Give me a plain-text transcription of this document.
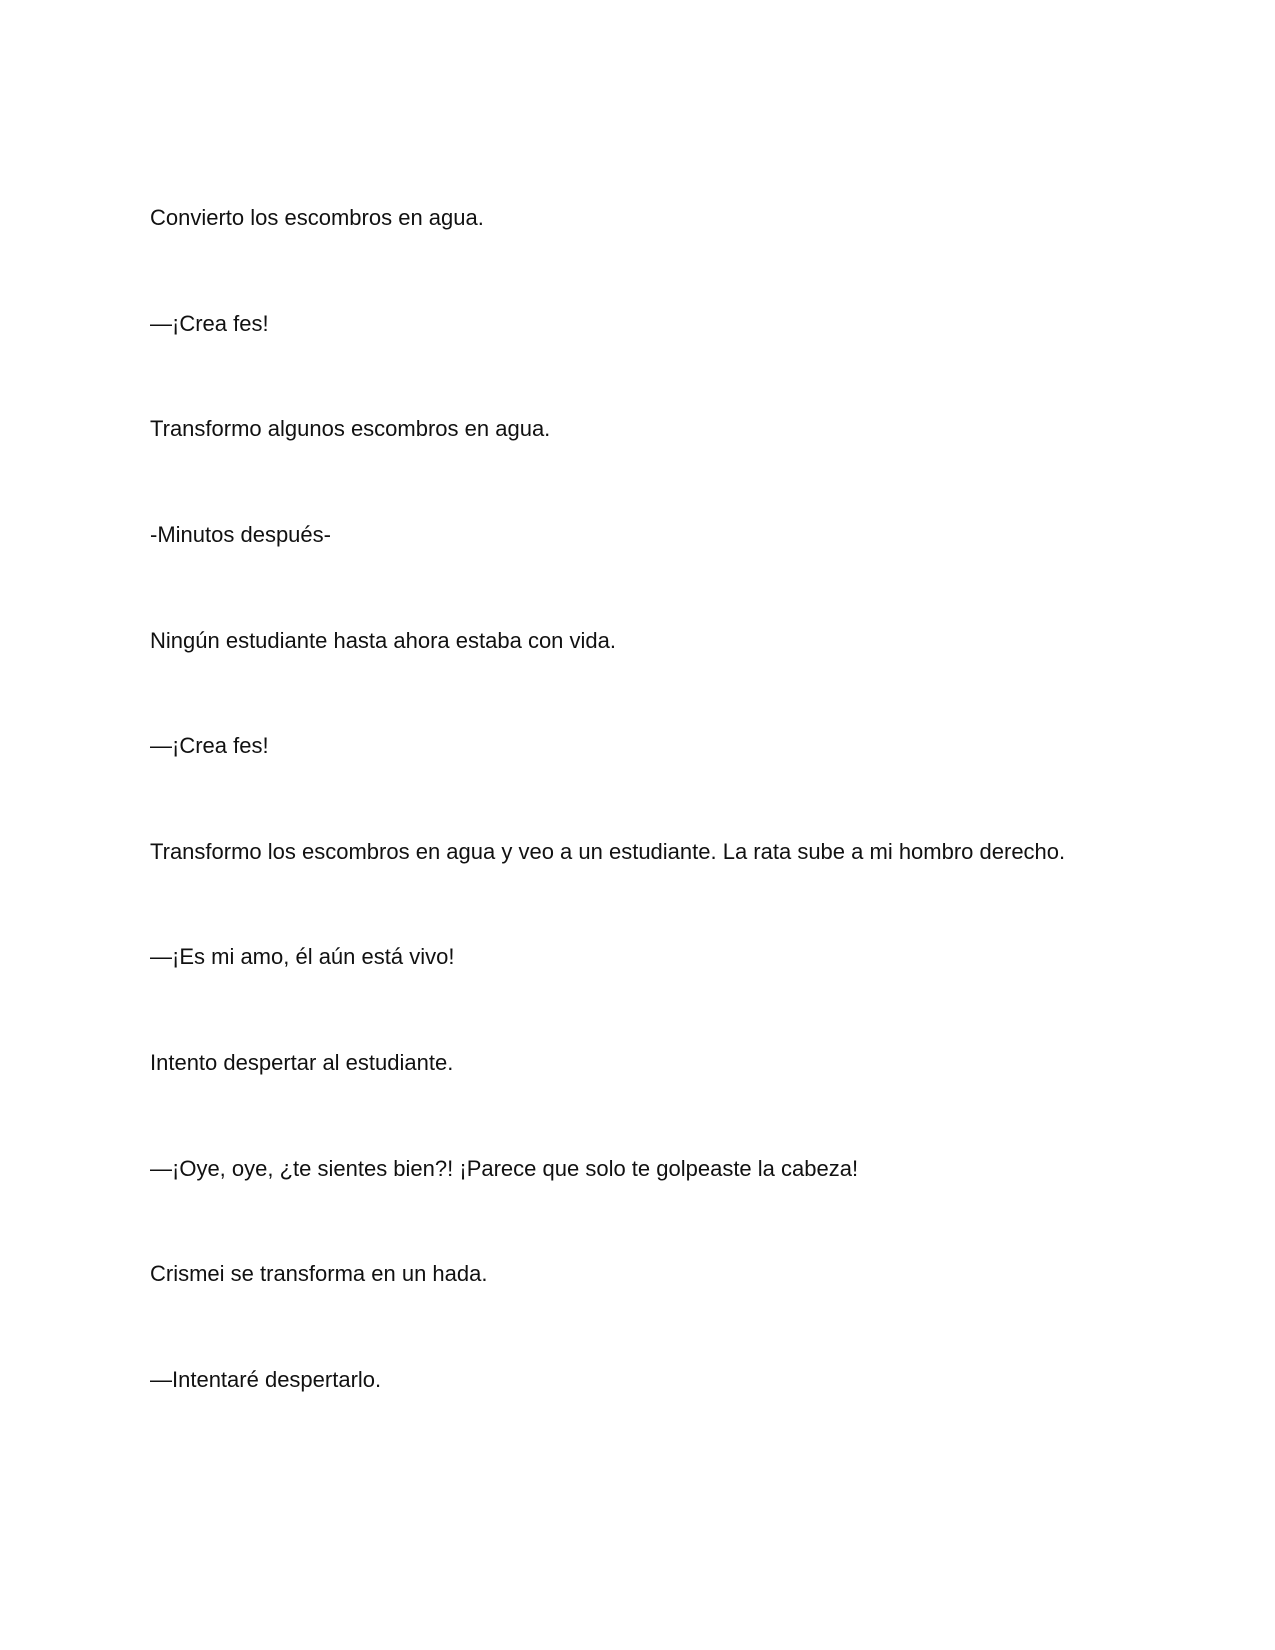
Convierto los escombros en agua.

—¡Crea fes!

Transformo algunos escombros en agua.

-Minutos después-

Ningún estudiante hasta ahora estaba con vida.

—¡Crea fes!

Transformo los escombros en agua y veo a un estudiante. La rata sube a mi hombro derecho.

—¡Es mi amo, él aún está vivo!

Intento despertar al estudiante.

—¡Oye, oye, ¿te sientes bien?! ¡Parece que solo te golpeaste la cabeza!

Crismei se transforma en un hada.

—Intentaré despertarlo.
